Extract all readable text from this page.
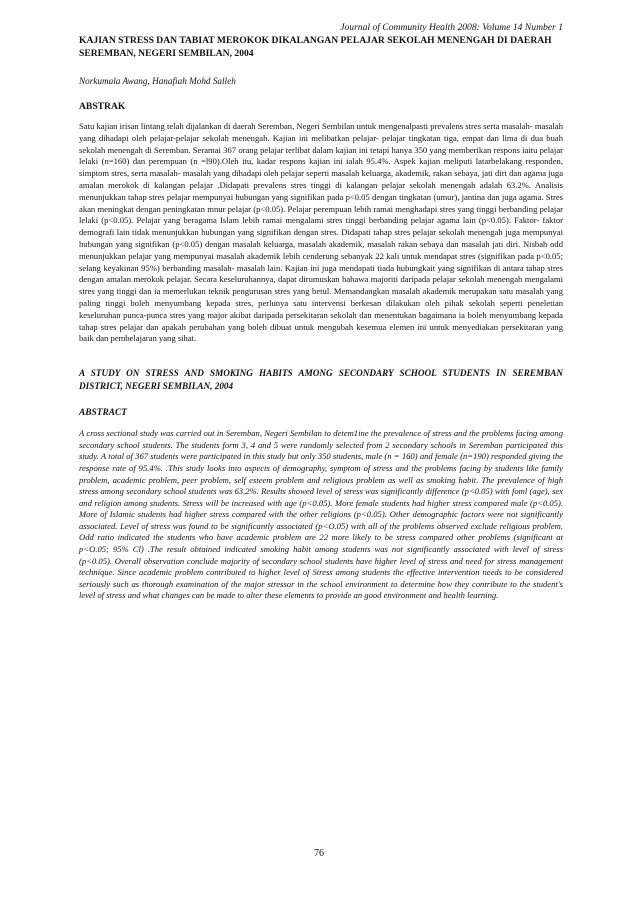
Journal of Community Health 2008: Volume 14 Number 1

KAJIAN STRESS DAN TABIAT MEROKOK DIKALANGAN PELAJAR SEKOLAH MENENGAH DI DAERAH SEREMBAN, NEGERI SEMBILAN, 2004

Norkumala Awang, Hanafiah Mohd Salleh

ABSTRAK

Satu kajian irisan lintang telah dijalankan di daerah Seremban, Negeri Sembilan untuk mengenalpasti prevalens stres serta masalah- masalah yang dihadapi oleh pelajar-pelajar sekolah menengah. Kajian ini melibatkan pelajar- pelajar tingkatan tiga, empat dan lima di dua buah sekolah menengah di Seremban. Seramai 367 orang pelajar terlibat dalam kajian ini tetapi hanya 350 yang memberikan respons iaitu pelajar lelaki (n=160) dan perempuan (n =l90).Oleh itu, kadar respons kajian ini ialah 95.4%. Aspek kajian meliputi latarbelakang responden, simptom stres, serta masalah- masalah yang dihadapi oleh pelajar seperti masalah keluarga, akademik, rakan sebaya, jati diri dan agama juga amalan merokok di kalangan pelajar .Didapati prevalens stres tinggi di kalangan pelajar sekolah menengah adalah 63.2%. Analisis menunjukkan tahap stres pelajar mempunyai hubungan yang signifikan pada p<0.05 dengan tingkatan (umur), jantina dan juga agama. Stres akan meningkat dengan peningkatan mnur pelajar (p<0.05). Pelajar perempuan lebih ramai menghadapi stres yang tinggi berbanding pelajar lelaki (p<0.05). Pelajar yang beragama Islam lebih ramai mengalami stres tinggi berbanding pelajar agama lain (p<0.05). Faktor- faktor demografi lain tidak menunjukkan hubungan yang signifikan dengan stres. Didapati tahap stres pelajar sekolah menengah juga mempunyai hubungan yang signifikan (p<0.05) dengan masalah keluarga, masalah akademik, masalah rakan sebaya dan masalah jati diri. Nisbah odd menunjukkan pelajar yang mempunyai masalah akademik lebih cenderung sebanyak 22 kali untuk mendapat stres (signifikan pada p<0.05; selang keyakinan 95%) berbanding masalah- masalah lain. Kajian ini juga mendapati tiada hubungkait yang signifikan di antara tahap stres dengan amalan merokok pelajar. Secara keseluruhannya, dapat dirumuskan bahawa majoriti daripada pelajar sekolah menengah mengalami stres yang tinggi dan ia memerlukan teknik pengurusan stres yang betul. Memandangkan masalah akademik merupakan satu masalah yang paling tinggi boleh menyumbang kepada stres, perlunya satu intervensi berkesan dilakukan oleh pihak sekolah seperti peneletian keseluruhan punca-punca stres yang major akibat daripada persekitaran sekolah dan menentukan bagaimana ia boleh menyumbang kepada tahap stres pelajar dan apakah perubahan yang boleh dibuat untuk mengubah kesemua elemen ini untuk menyediakan persekitaran yang baik dan pembelajaran yang sihat.

A STUDY ON STRESS AND SMOKING HABITS AMONG SECONDARY SCHOOL STUDENTS IN SEREMBAN DISTRICT, NEGERI SEMBILAN, 2004

ABSTRACT

A cross sectional study was carried out in Seremban, Negeri Sembilan to detem1ine the prevalence of stress and the problems facing among secondary school students. The students form 3, 4 and 5 were randomly selected from 2 secondary schools in Seremban participated this study. A total of 367 students were participated in this study but only 350 students, male (n = 160) and female (n=190) responded giving the response rate of 95.4%. .This study looks into aspects of demography, symptom of stress and the problems facing by students like family problem, academic problem, peer problem, self esteem problem and religious problem as well as smoking habit. The prevalence of high stress among secondary school students was 63.2%. Results showed level of stress was significantly difference (p<0.05) with foml (age), sex and religion among students. Stress will be increased with age (p<0.05). More female students had higher stress compared male (p<0.05). More of Islamic students had higher stress compared with the other religions (p<0.05). Other demographic factors were not significantly associated. Level of stress was found to be significantly associated (p<O.05) with all of the problems observed exclude religious problem. Odd ratio indicated the students who have academic problem are 22 more likely to be stress compared other problems (significant at p<O.05; 95% Cl) .The result obtained indicated smoking habit among students was not significantly associated with level of stress (p<0.05). Overall observation conclude majority of secondary school students have higher level of stress and need for stress management technique. Since academic problem contributed to higher level of Stress among students the effective intervention needs to be considered seriously such as thorough examination of the major stressor in the school environment to determine how they contribute to the student's level of stress and what changes can be made to alter these elements to provide an good environment and health learning.

76
